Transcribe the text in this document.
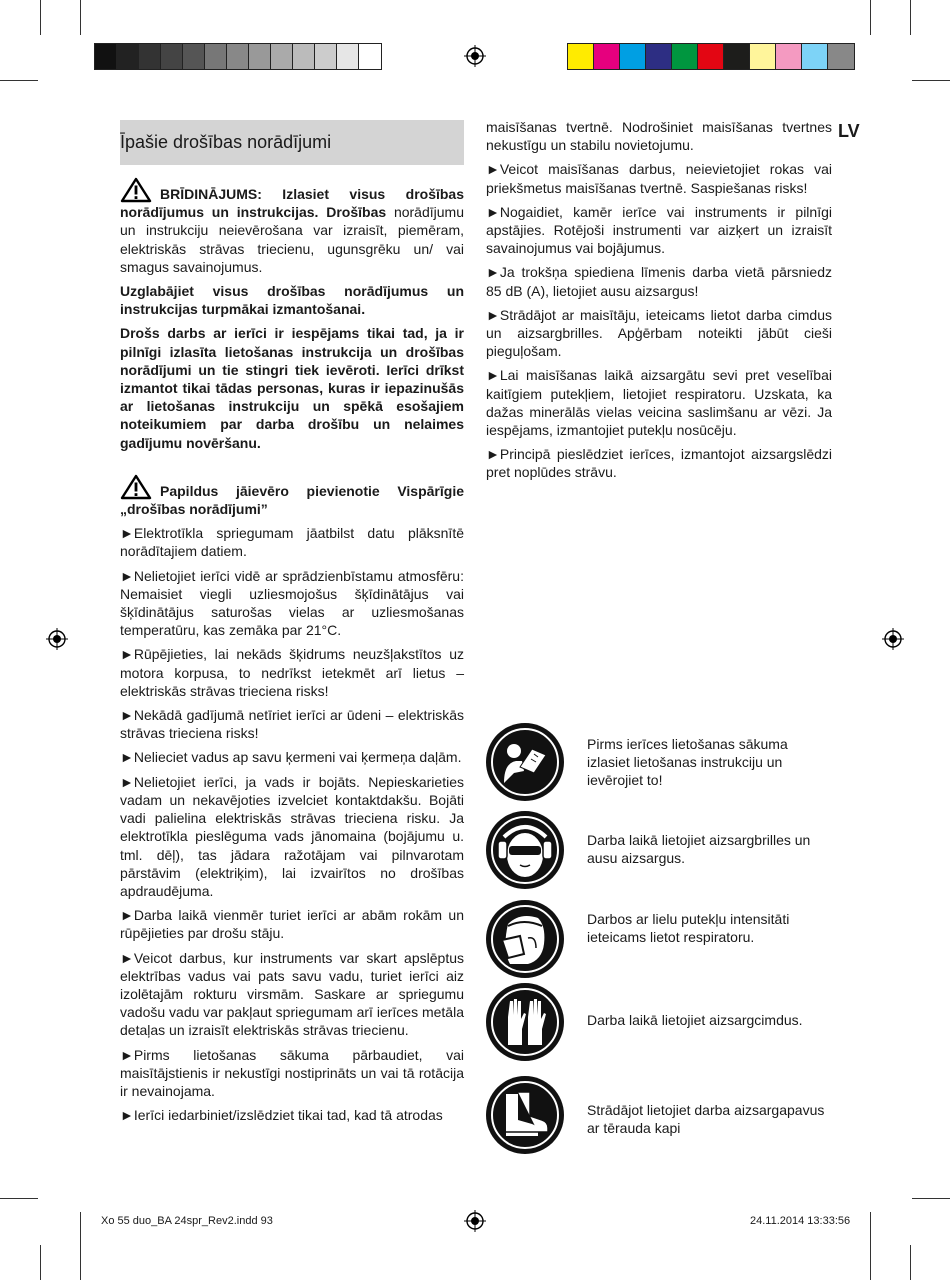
LV
Īpašie drošības norādījumi

BRĪDINĀJUMS: Izlasiet visus drošības norādījumus un instrukcijas. Drošības norādījumu un instrukciju neievērošana var izraisīt, piemēram, elektriskās strāvas triecienu, ugunsgrēku un/ vai smagus savainojumus.

Uzglabājiet visus drošības norādījumus un instrukcijas turpmākai izmantošanai.

Drošs darbs ar ierīci ir iespējams tikai tad, ja ir pilnīgi izlasīta lietošanas instrukcija un drošības norādījumi un tie stingri tiek ievēroti. Ierīci drīkst izmantot tikai tādas personas, kuras ir iepazinušās ar lietošanas instrukciju un spēkā esošajiem noteikumiem par darba drošību un nelaimes gadījumu novēršanu.

Papildus jāievēro pievienotie Vispārīgie „drošības norādījumi”

►Elektrotīkla spriegumam jāatbilst datu plāksnītē norādītajiem datiem.

►Nelietojiet ierīci vidē ar sprādzienbīstamu atmosfēru: Nemaisiet viegli uzliesmojošus šķīdinātājus vai šķīdinātājus saturošas vielas ar uzliesmošanas temperatūru, kas zemāka par 21°C.

►Rūpējieties, lai nekāds šķidrums neuzšļakstītos uz motora korpusa, to nedrīkst ietekmēt arī lietus – elektriskās strāvas trieciena risks!

►Nekādā gadījumā netīriet ierīci ar ūdeni – elektriskās strāvas trieciena risks!

►Nelieciet vadus ap savu ķermeni vai ķermeņa daļām.

►Nelietojiet ierīci, ja vads ir bojāts. Nepieskarieties vadam un nekavējoties izvelciet kontaktdakšu. Bojāti vadi palielina elektriskās strāvas trieciena risku. Ja elektrotīkla pieslēguma vads jānomaina (bojājumu u. tml. dēļ), tas jādara ražotājam vai pilnvarotam pārstāvim (elektriķim), lai izvairītos no drošības apdraudējuma.

►Darba laikā vienmēr turiet ierīci ar abām rokām un rūpējieties par drošu stāju.

►Veicot darbus, kur instruments var skart apslēptus elektrības vadus vai pats savu vadu, turiet ierīci aiz izolētajām rokturu virsmām. Saskare ar spriegumu vadošu vadu var pakļaut spriegumam arī ierīces metāla detaļas un izraisīt elektriskās strāvas triecienu.

►Pirms lietošanas sākuma pārbaudiet, vai maisītājstienis ir nekustīgi nostiprināts un vai tā rotācija ir nevainojama.

►Ierīci iedarbiniet/izslēdziet tikai tad, kad tā atrodas

maisīšanas tvertnē. Nodrošiniet maisīšanas tvertnes nekustīgu un stabilu novietojumu.

►Veicot maisīšanas darbus, neievietojiet rokas vai priekšmetus maisīšanas tvertnē. Saspiešanas risks!

►Nogaidiet, kamēr ierīce vai instruments ir pilnīgi apstājies. Rotējoši instrumenti var aizķert un izraisīt savainojumus vai bojājumus.

►Ja trokšņa spiediena līmenis darba vietā pārsniedz 85 dB (A), lietojiet ausu aizsargus!

►Strādājot ar maisītāju, ieteicams lietot darba cimdus un aizsargbrilles. Apģērbam noteikti jābūt cieši pieguļošam.

►Lai maisīšanas laikā aizsargātu sevi pret veselībai kaitīgiem putekļiem, lietojiet respiratoru. Uzskata, ka dažas minerālās vielas veicina saslimšanu ar vēzi. Ja iespējams, izmantojiet putekļu nosūcēju.

►Principā pieslēdziet ierīces, izmantojot aizsargslēdzi pret noplūdes strāvu.

Pirms ierīces lietošanas sākuma izlasiet lietošanas instrukciju un ievērojiet to!
Darba laikā lietojiet aizsargbrilles un ausu aizsargus.
Darbos ar lielu putekļu intensitāti ieteicams lietot respiratoru.
Darba laikā lietojiet aizsargcimdus.
Strādājot lietojiet darba aizsargapavus ar tērauda kapi
Xo 55 duo_BA 24spr_Rev2.indd 93	24.11.2014 13:33:56
